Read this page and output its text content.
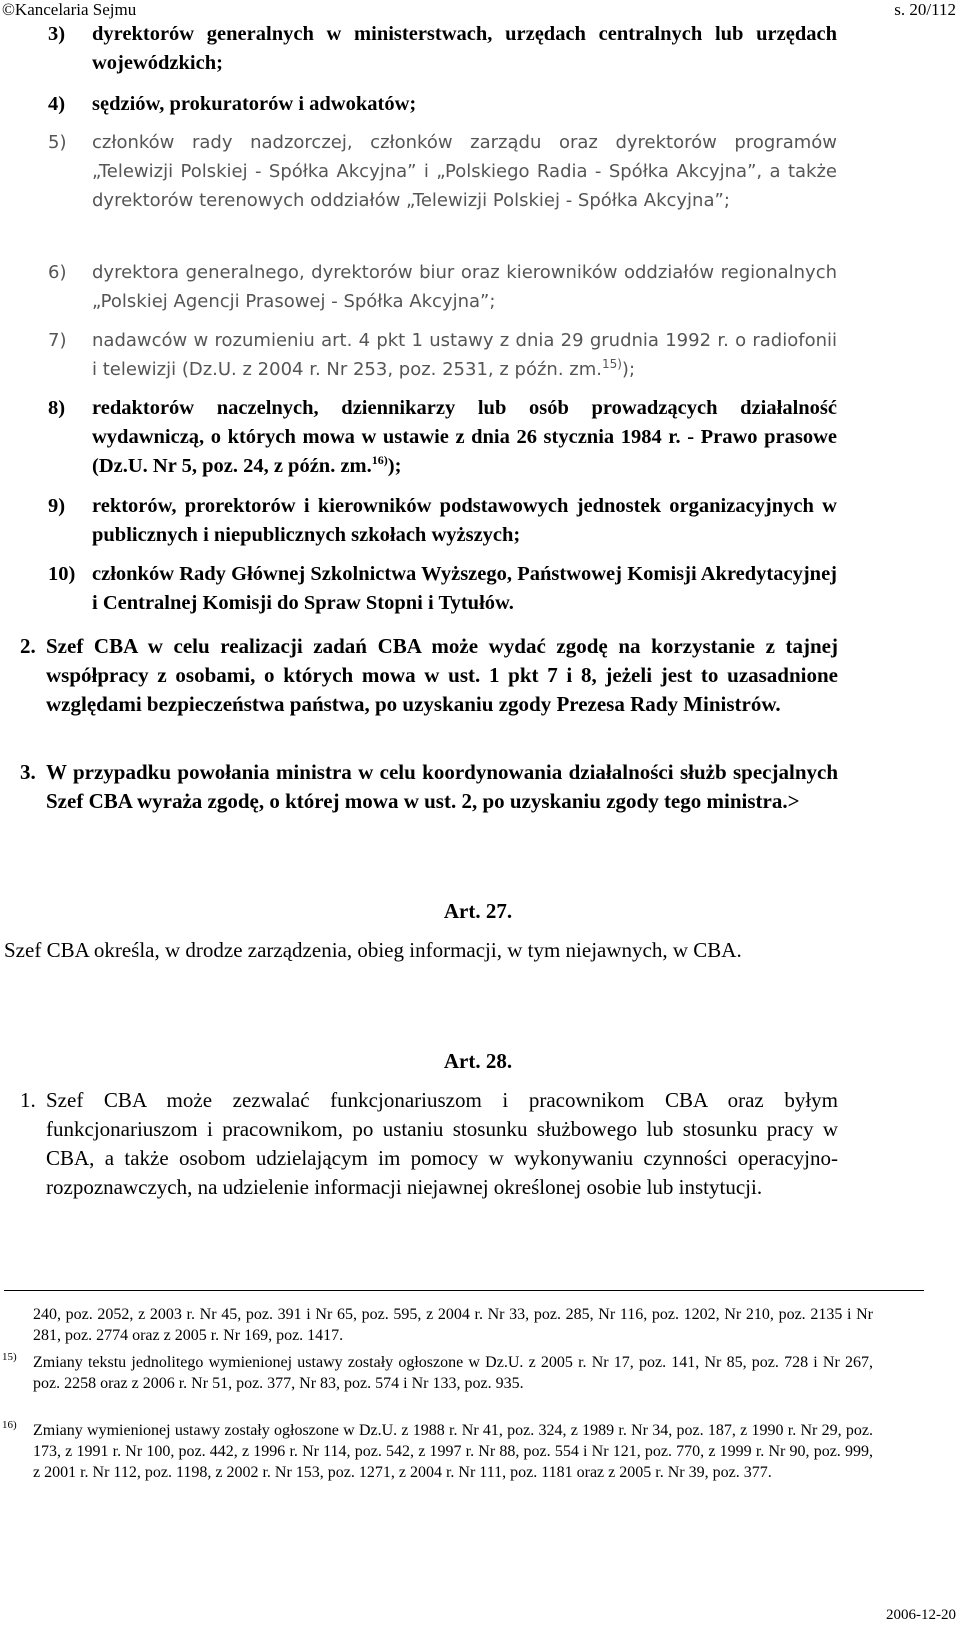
©Kancelaria Sejmu	s. 20/112
3) dyrektorów generalnych w ministerstwach, urzędach centralnych lub urzędach wojewódzkich;
4) sędziów, prokuratorów i adwokatów;
5) członków rady nadzorczej, członków zarządu oraz dyrektorów programów „Telewizji Polskiej - Spółka Akcyjna” i „Polskiego Radia - Spółka Akcyjna”, a także dyrektorów terenowych oddziałów „Telewizji Polskiej - Spółka Akcyjna”;
6) dyrektora generalnego, dyrektorów biur oraz kierowników oddziałów regionalnych „Polskiej Agencji Prasowej - Spółka Akcyjna”;
7) nadawców w rozumieniu art. 4 pkt 1 ustawy z dnia 29 grudnia 1992 r. o radiofonii i telewizji (Dz.U. z 2004 r. Nr 253, poz. 2531, z późn. zm.$^{15)}$);
8) redaktorów naczelnych, dziennikarzy lub osób prowadzących działalność wydawniczą, o których mowa w ustawie z dnia 26 stycznia 1984 r. - Prawo prasowe (Dz.U. Nr 5, poz. 24, z późn. zm.$^{16)}$);
9) rektorów, prorektorów i kierowników podstawowych jednostek organizacyjnych w publicznych i niepublicznych szkołach wyższych;
10) członków Rady Głównej Szkolnictwa Wyższego, Państwowej Komisji Akredytacyjnej i Centralnej Komisji do Spraw Stopni i Tytułów.
2. Szef CBA w celu realizacji zadań CBA może wydać zgodę na korzystanie z tajnej współpracy z osobami, o których mowa w ust. 1 pkt 7 i 8, jeżeli jest to uzasadnione względami bezpieczeństwa państwa, po uzyskaniu zgody Prezesa Rady Ministrów.
3. W przypadku powołania ministra w celu koordynowania działalności służb specjalnych Szef CBA wyraża zgodę, o której mowa w ust. 2, po uzyskaniu zgody tego ministra.>
Art. 27.
Szef CBA określa, w drodze zarządzenia, obieg informacji, w tym niejawnych, w CBA.
Art. 28.
1. Szef CBA może zezwalać funkcjonariuszom i pracownikom CBA oraz byłym funkcjonariuszom i pracownikom, po ustaniu stosunku służbowego lub stosunku pracy w CBA, a także osobom udzielającym im pomocy w wykonywaniu czynności operacyjno-rozpoznawczych, na udzielenie informacji niejawnej określonej osobie lub instytucji.
240, poz. 2052, z 2003 r. Nr 45, poz. 391 i Nr 65, poz. 595, z 2004 r. Nr 33, poz. 285, Nr 116, poz. 1202, Nr 210, poz. 2135 i Nr 281, poz. 2774 oraz z 2005 r. Nr 169, poz. 1417.
15) Zmiany tekstu jednolitego wymienionej ustawy zostały ogłoszone w Dz.U. z 2005 r. Nr 17, poz. 141, Nr 85, poz. 728 i Nr 267, poz. 2258 oraz z 2006 r. Nr 51, poz. 377, Nr 83, poz. 574 i Nr 133, poz. 935.
16) Zmiany wymienionej ustawy zostały ogłoszone w Dz.U. z 1988 r. Nr 41, poz. 324, z 1989 r. Nr 34, poz. 187, z 1990 r. Nr 29, poz. 173, z 1991 r. Nr 100, poz. 442, z 1996 r. Nr 114, poz. 542, z 1997 r. Nr 88, poz. 554 i Nr 121, poz. 770, z 1999 r. Nr 90, poz. 999, z 2001 r. Nr 112, poz. 1198, z 2002 r. Nr 153, poz. 1271, z 2004 r. Nr 111, poz. 1181 oraz z 2005 r. Nr 39, poz. 377.
2006-12-20
